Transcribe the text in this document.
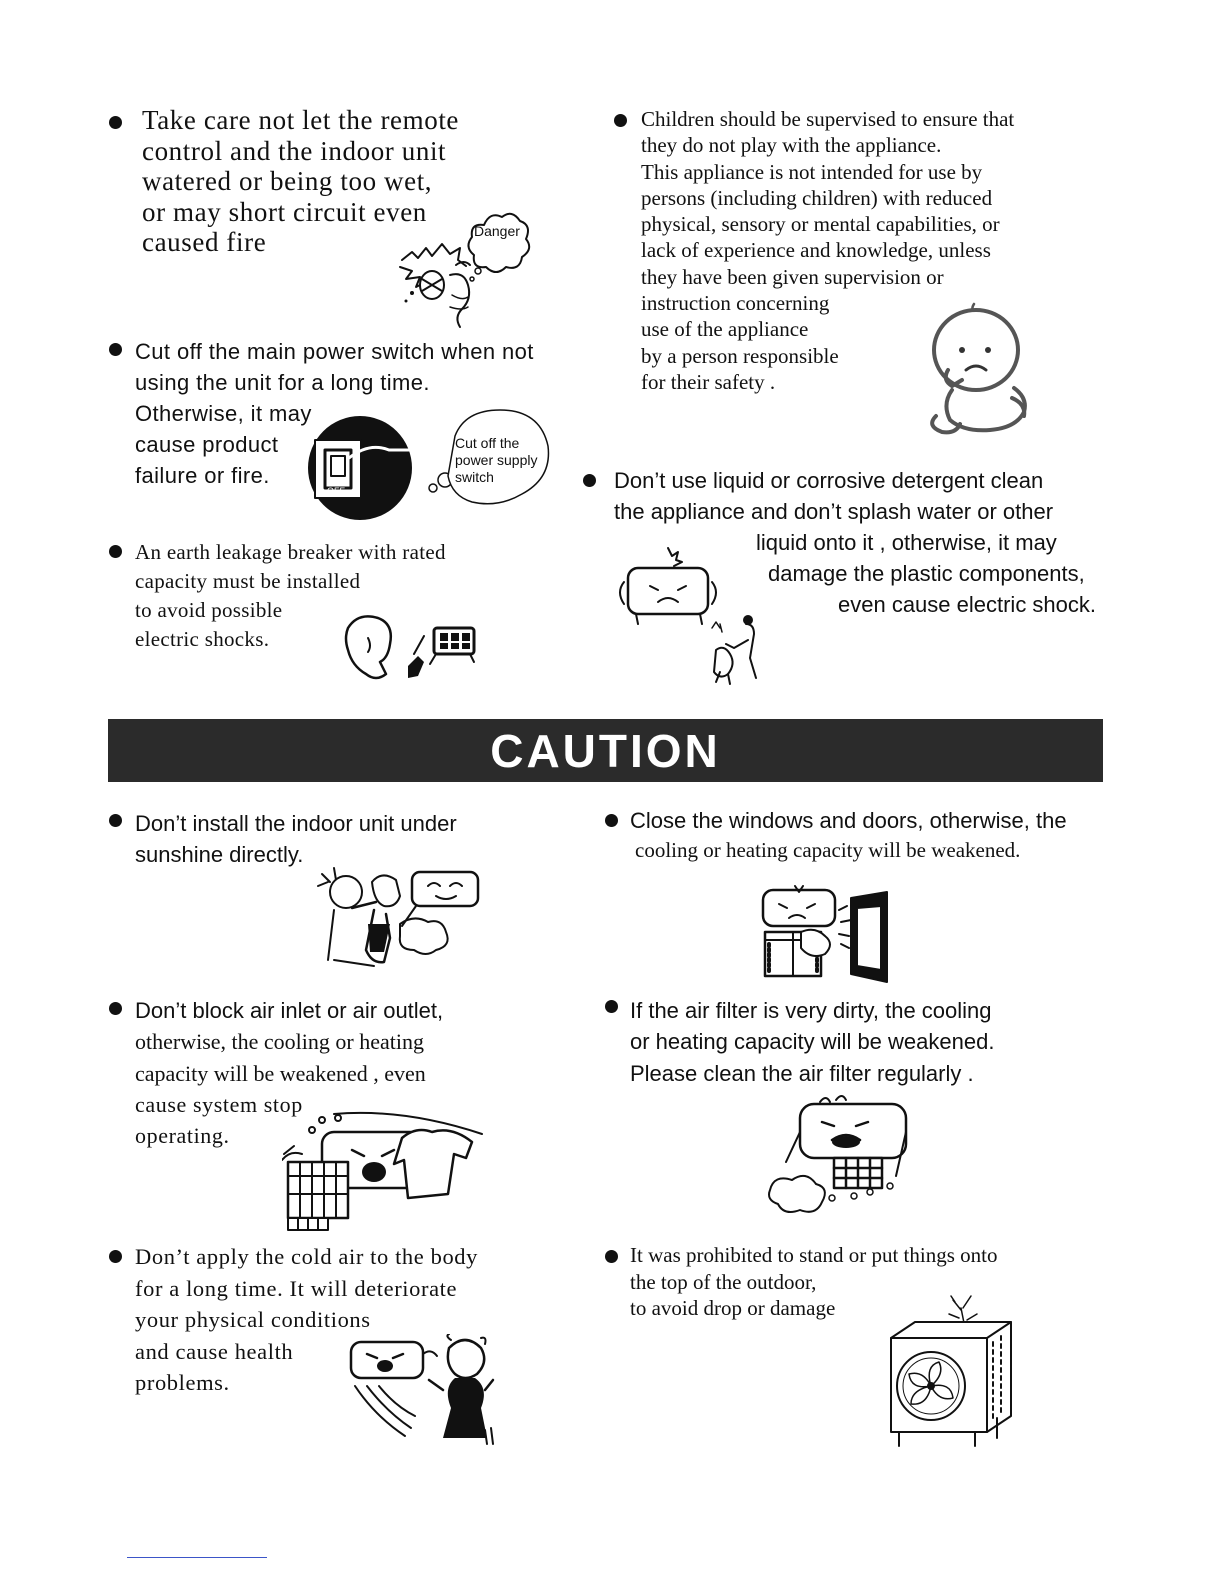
Take care not let the remote
control and the indoor unit
watered or being too wet,
or may short circuit even
caused fire	Danger
Cut off the main power switch when not
using the unit for a long time.
Otherwise, it may
cause product
failure or fire.
OFF
Cut off the
power supply
switch
An earth leakage breaker with rated
capacity must be installed
to avoid possible
electric shocks.
Children should be supervised to ensure that
they do not play with the appliance.
This appliance is not intended for use by
persons (including children) with reduced
physical, sensory or mental capabilities, or
lack of experience and knowledge, unless
they have been given supervision or
instruction concerning
use of the appliance
by a person responsible
for their safety .
Don’t use liquid or corrosive detergent clean
the appliance and don’t splash water or other
liquid onto it , otherwise, it may
damage the plastic components,
even cause electric shock.
CAUTION
Don’t install the indoor unit under
sunshine directly.
Don’t block air inlet or air outlet,
otherwise, the cooling or heating
capacity will be weakened , even
cause system stop
operating.
Don’t apply the cold air to the body
for a long time. It will deteriorate
your physical conditions
and cause health
problems.
Close the windows and doors, otherwise, the
cooling or heating capacity will be weakened.
If the air filter is very dirty, the cooling
or heating capacity will be weakened.
Please clean the air filter regularly .
It was prohibited to stand or put things onto
the top of the outdoor,
to avoid drop or damage
